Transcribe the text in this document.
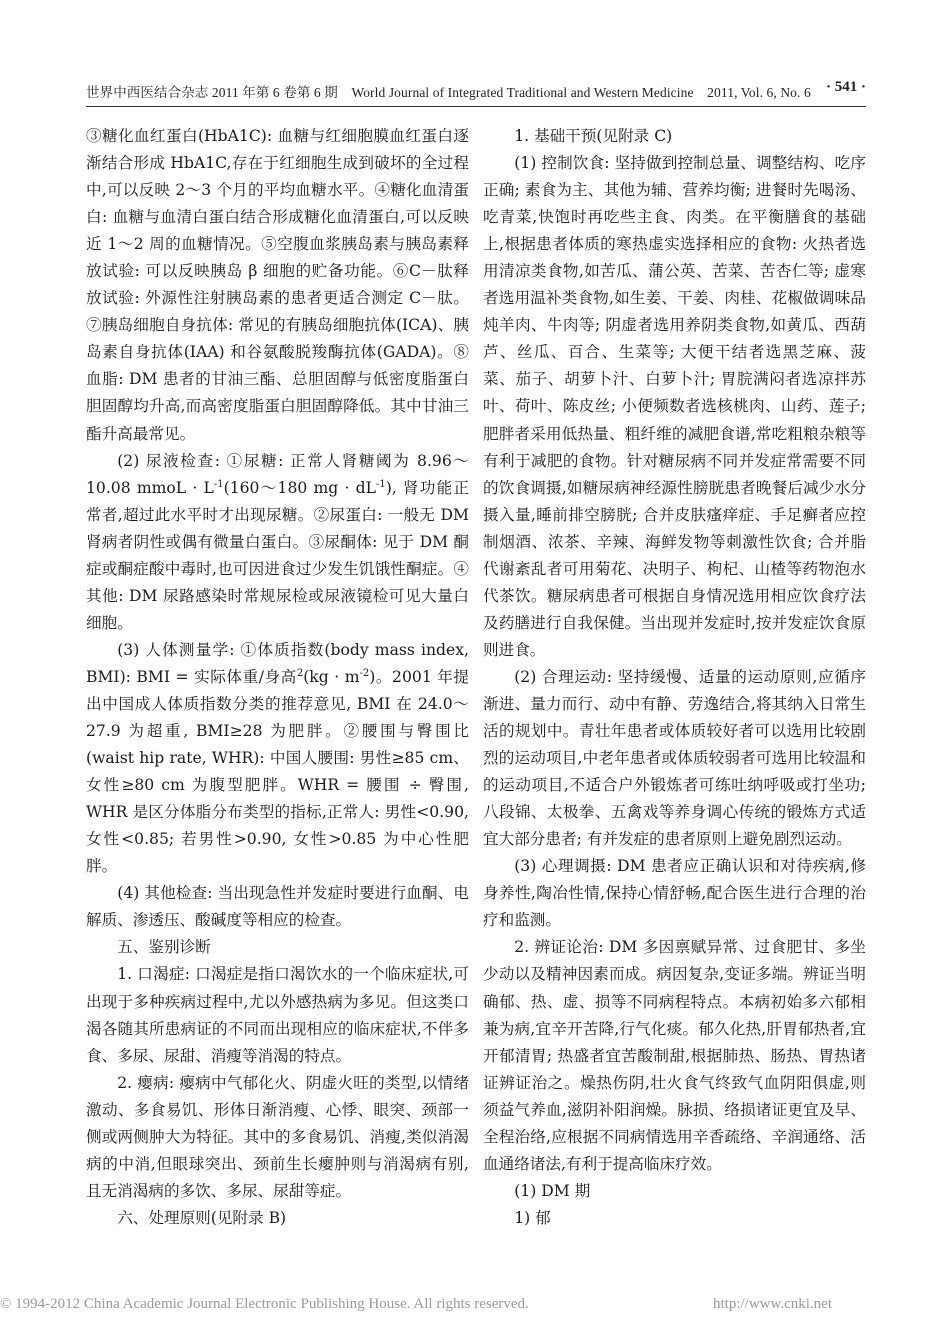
世界中西医结合杂志 2011 年第 6 卷第 6 期　World Journal of Integrated Traditional and Western Medicine　2011, Vol. 6, No. 6 · 541 ·

③糖化血红蛋白(HbA1C): 血糖与红细胞膜血红蛋白逐渐结合形成 HbA1C,存在于红细胞生成到破坏的全过程中,可以反映 2～3 个月的平均血糖水平。④糖化血清蛋白: 血糖与血清白蛋白结合形成糖化血清蛋白,可以反映近 1～2 周的血糖情况。⑤空腹血浆胰岛素与胰岛素释放试验: 可以反映胰岛 β 细胞的贮备功能。⑥C－肽释放试验: 外源性注射胰岛素的患者更适合测定 C－肽。⑦胰岛细胞自身抗体: 常见的有胰岛细胞抗体(ICA)、胰岛素自身抗体(IAA) 和谷氨酸脱羧酶抗体(GADA)。⑧血脂: DM 患者的甘油三酯、总胆固醇与低密度脂蛋白胆固醇均升高,而高密度脂蛋白胆固醇降低。其中甘油三酯升高最常见。

(2) 尿液检查: ①尿糖: 正常人肾糖阈为 8.96～10.08 mmoL · $L^{-1}(160\sim 180$ mg · $dL^{-1}$), 肾功能正常者,超过此水平时才出现尿糖。②尿蛋白: 一般无 DM 肾病者阴性或偶有微量白蛋白。③尿酮体: 见于 DM 酮症或酮症酸中毒时,也可因进食过少发生饥饿性酮症。④其他: DM 尿路感染时常规尿检或尿液镜检可见大量白细胞。

(3) 人体测量学: ①体质指数(body mass index, BMI): BMI = 实际体重/身高$^2(kg \cdot m^{-2})$。2001 年提出中国成人体质指数分类的推荐意见, BMI 在 24.0～27.9 为超重, BMI≥28 为肥胖。②腰围与臀围比(waist hip rate, WHR): 中国人腰围: 男性≥85 cm、女性≥80 cm 为腹型肥胖。WHR = 腰围 ÷ 臀围, WHR 是区分体脂分布类型的指标,正常人: 男性<0.90, 女性<0.85; 若男性>0.90, 女性>0.85 为中心性肥胖。

(4) 其他检查: 当出现急性并发症时要进行血酮、电解质、渗透压、酸碱度等相应的检查。

五、鉴别诊断

1. 口渴症: 口渴症是指口渴饮水的一个临床症状,可出现于多种疾病过程中,尤以外感热病为多见。但这类口渴各随其所患病证的不同而出现相应的临床症状,不伴多食、多尿、尿甜、消瘦等消渴的特点。

2. 瘿病: 瘿病中气郁化火、阴虚火旺的类型,以情绪激动、多食易饥、形体日渐消瘦、心悸、眼突、颈部一侧或两侧肿大为特征。其中的多食易饥、消瘦,类似消渴病的中消,但眼球突出、颈前生长瘿肿则与消渴病有别,且无消渴病的多饮、多尿、尿甜等症。

六、处理原则(见附录 B)

1. 基础干预(见附录 C)

(1) 控制饮食: 坚持做到控制总量、调整结构、吃序正确; 素食为主、其他为辅、营养均衡; 进餐时先喝汤、吃青菜,快饱时再吃些主食、肉类。在平衡膳食的基础上,根据患者体质的寒热虚实选择相应的食物: 火热者选用清凉类食物,如苦瓜、蒲公英、苦菜、苦杏仁等; 虚寒者选用温补类食物,如生姜、干姜、肉桂、花椒做调味品炖羊肉、牛肉等; 阴虚者选用养阴类食物,如黄瓜、西葫芦、丝瓜、百合、生菜等; 大便干结者选黑芝麻、菠菜、茄子、胡萝卜汁、白萝卜汁; 胃脘满闷者选凉拌苏叶、荷叶、陈皮丝; 小便频数者选核桃肉、山药、莲子; 肥胖者采用低热量、粗纤维的减肥食谱,常吃粗粮杂粮等有利于减肥的食物。针对糖尿病不同并发症常需要不同的饮食调摄,如糖尿病神经源性膀胱患者晚餐后减少水分摄入量,睡前排空膀胱; 合并皮肤瘙痒症、手足癣者应控制烟酒、浓茶、辛辣、海鲜发物等刺激性饮食; 合并脂代谢紊乱者可用菊花、决明子、枸杞、山楂等药物泡水代茶饮。糖尿病患者可根据自身情况选用相应饮食疗法及药膳进行自我保健。当出现并发症时,按并发症饮食原则进食。

(2) 合理运动: 坚持缓慢、适量的运动原则,应循序渐进、量力而行、动中有静、劳逸结合,将其纳入日常生活的规划中。青壮年患者或体质较好者可以选用比较剧烈的运动项目,中老年患者或体质较弱者可选用比较温和的运动项目,不适合户外锻炼者可练吐纳呼吸或打坐功; 八段锦、太极拳、五禽戏等养身调心传统的锻炼方式适宜大部分患者; 有并发症的患者原则上避免剧烈运动。

(3) 心理调摄: DM 患者应正确认识和对待疾病,修身养性,陶冶性情,保持心情舒畅,配合医生进行合理的治疗和监测。

2. 辨证论治: DM 多因禀赋异常、过食肥甘、多坐少动以及精神因素而成。病因复杂,变证多端。辨证当明确郁、热、虚、损等不同病程特点。本病初始多六郁相兼为病,宜辛开苦降,行气化痰。郁久化热,肝胃郁热者,宜开郁清胃; 热盛者宜苦酸制甜,根据肺热、肠热、胃热诸证辨证治之。燥热伤阴,壮火食气终致气血阴阳俱虚,则须益气养血,滋阴补阳润燥。脉损、络损诸证更宜及早、全程治络,应根据不同病情选用辛香疏络、辛润通络、活血通络诸法,有利于提高临床疗效。

(1) DM 期

1) 郁

© 1994-2012 China Academic Journal Electronic Publishing House. All rights reserved.	http://www.cnki.net
